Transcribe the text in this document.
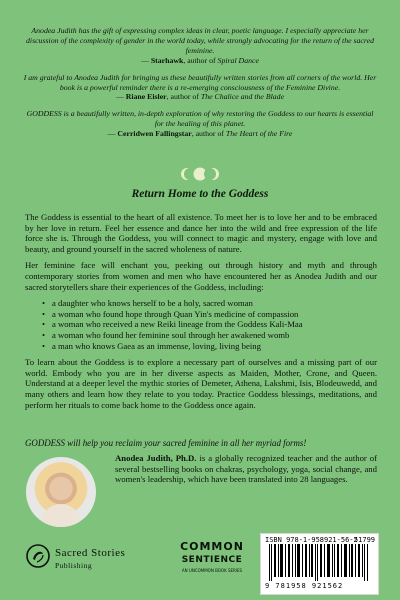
Anodea Judith has the gift of expressing complex ideas in clear, poetic language. I especially appreciate her discussion of the complexity of gender in the world today, while strongly advocating for the return of the sacred feminine.
— Starhawk, author of Spiral Dance

I am grateful to Anodea Judith for bringing us these beautifully written stories from all corners of the world. Her book is a powerful reminder there is a re-emerging consciousness of the Feminine Divine.
— Riane Eisler, author of The Chalice and the Blade

GODDESS is a beautifully written, in-depth exploration of why restoring the Goddess to our hearts is essential for the healing of this planet.
— Cerridwen Fallingstar, author of The Heart of the Fire

Return Home to the Goddess

The Goddess is essential to the heart of all existence. To meet her is to love her and to be embraced by her love in return. Feel her essence and dance her into the wild and free expression of the life force she is. Through the Goddess, you will connect to magic and mystery, engage with love and beauty, and ground yourself in the sacred wholeness of nature.

Her feminine face will enchant you, peeking out through history and myth and through contemporary stories from women and men who have encountered her as Anodea Judith and our sacred storytellers share their experiences of the Goddess, including:

• a daughter who knows herself to be a holy, sacred woman
• a woman who found hope through Quan Yin's medicine of compassion
• a woman who received a new Reiki lineage from the Goddess Kali-Maa
• a woman who found her feminine soul through her awakened womb
• a man who knows Gaea as an immense, loving, living being

To learn about the Goddess is to explore a necessary part of ourselves and a missing part of our world. Embody who you are in her diverse aspects as Maiden, Mother, Crone, and Queen. Understand at a deeper level the mythic stories of Demeter, Athena, Lakshmi, Isis, Blodeuwedd, and many others and learn how they relate to you today. Practice Goddess blessings, meditations, and perform her rituals to come back home to the Goddess once again.

GODDESS will help you reclaim your sacred feminine in all her myriad forms!
Anodea Judith, Ph.D. is a globally recognized teacher and the author of several bestselling books on chakras, psychology, yoga, social change, and women's leadership, which have been translated into 28 languages.
Sacred Stories
Publishing
COMMON
SENTIENCE
AN UNCOMMON BOOK SERIES
ISBN 978-1-958921-56-2
51799
9 781958 921562
